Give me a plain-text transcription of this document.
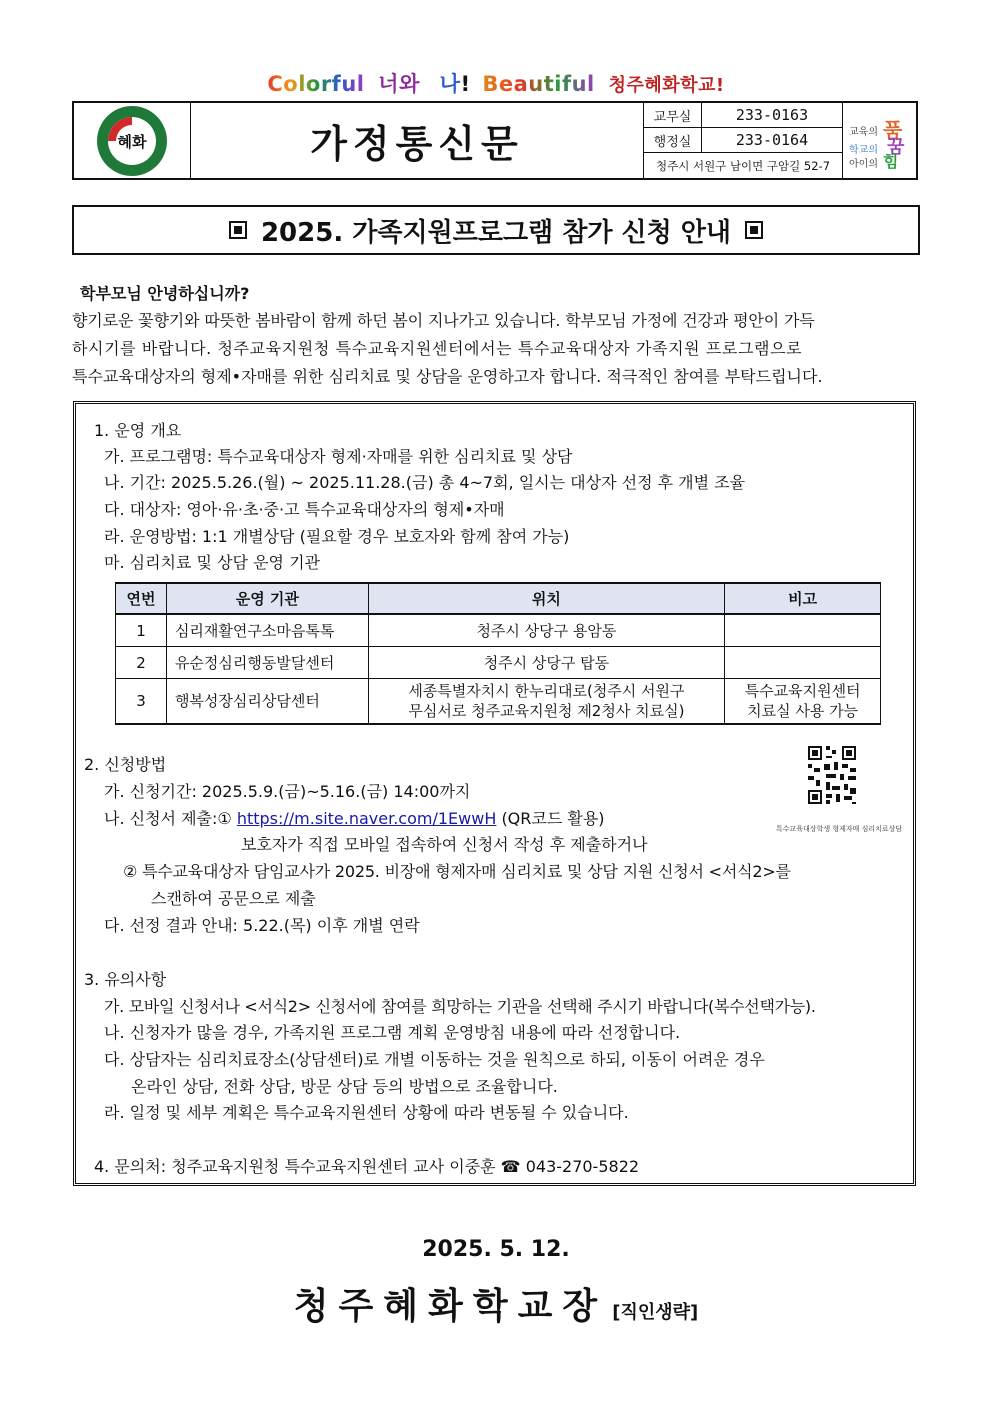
Colorful 너와 나! Beautiful 청주혜화학교!
혜화	가정통신문
교무실	233-0163
행정실	233-0164
청주시 서원구 남이면 구암길 52-7
교육의 품
학교의 꿈
아이의 힘
2025. 가족지원프로그램 참가 신청 안내
학부모님 안녕하십니까?
향기로운 꽃향기와 따뜻한 봄바람이 함께 하던 봄이 지나가고 있습니다. 학부모님 가정에 건강과 평안이 가득
하시기를 바랍니다. 청주교육지원청 특수교육지원센터에서는 특수교육대상자 가족지원 프로그램으로
특수교육대상자의 형제•자매를 위한 심리치료 및 상담을 운영하고자 합니다. 적극적인 참여를 부탁드립니다.
1. 운영 개요
가. 프로그램명: 특수교육대상자 형제·자매를 위한 심리치료 및 상담
나. 기간: 2025.5.26.(월) ~ 2025.11.28.(금) 총 4~7회, 일시는 대상자 선정 후 개별 조율
다. 대상자: 영아·유·초·중·고 특수교육대상자의 형제•자매
라. 운영방법: 1:1 개별상담 (필요할 경우 보호자와 함께 참여 가능)
마. 심리치료 및 상담 운영 기관
연번	운영 기관	위치	비고
1	심리재활연구소마음톡톡	청주시 상당구 용암동	
2	유순정심리행동발달센터	청주시 상당구 탑동	
3	행복성장심리상담센터	세종특별자치시 한누리대로(청주시 서원구
무심서로 청주교육지원청 제2청사 치료실)	특수교육지원센터
치료실 사용 가능
2. 신청방법
가. 신청기간: 2025.5.9.(금)~5.16.(금) 14:00까지
나. 신청서 제출:① https://m.site.naver.com/1EwwH (QR코드 활용)
보호자가 직접 모바일 접속하여 신청서 작성 후 제출하거나
② 특수교육대상자 담임교사가 2025. 비장애 형제자매 심리치료 및 상담 지원 신청서 <서식2>를
스캔하여 공문으로 제출
다. 선정 결과 안내: 5.22.(목) 이후 개별 연락
특수교육대상학생 형제자매 심리치료상담
3. 유의사항
가. 모바일 신청서나 <서식2> 신청서에 참여를 희망하는 기관을 선택해 주시기 바랍니다(복수선택가능).
나. 신청자가 많을 경우, 가족지원 프로그램 계획 운영방침 내용에 따라 선정합니다.
다. 상담자는 심리치료장소(상담센터)로 개별 이동하는 것을 원칙으로 하되, 이동이 어려운 경우
온라인 상담, 전화 상담, 방문 상담 등의 방법으로 조율합니다.
라. 일정 및 세부 계획은 특수교육지원센터 상황에 따라 변동될 수 있습니다.
4. 문의처: 청주교육지원청 특수교육지원센터 교사 이중훈 ☎ 043-270-5822
2025. 5. 12.
청주혜화학교장 [직인생략]
